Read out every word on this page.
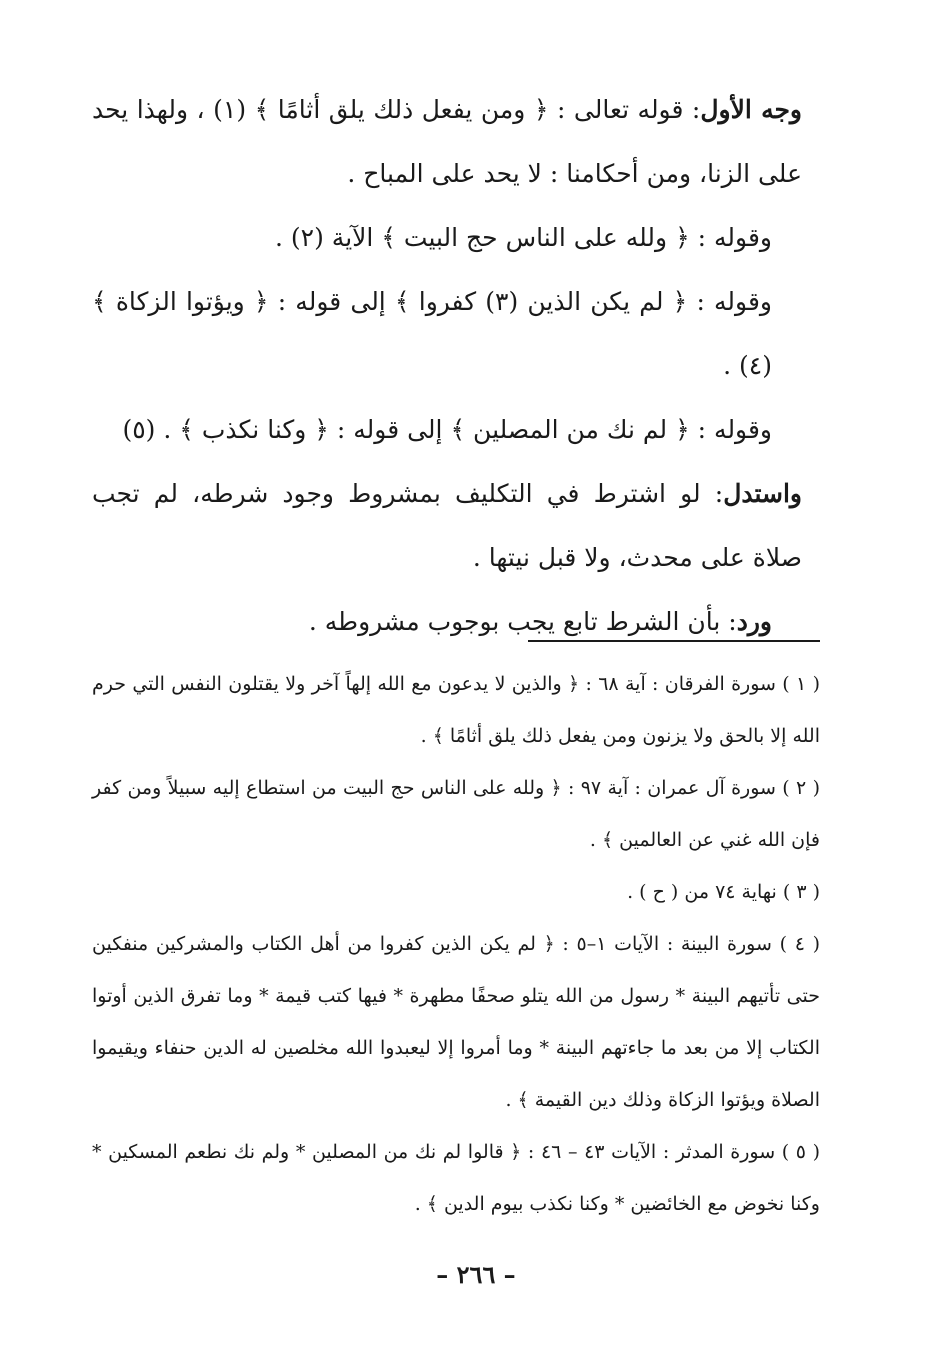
وجه الأول: قوله تعالى : ﴿ ومن يفعل ذلك يلق أثامًا ﴾ (١) ، ولهذا يحد على الزنا، ومن أحكامنا : لا يحد على المباح .

وقوله : ﴿ ولله على الناس حج البيت ﴾ الآية (٢) .

وقوله : ﴿ لم يكن الذين (٣) كفروا ﴾ إلى قوله : ﴿ ويؤتوا الزكاة ﴾ (٤) .

وقوله : ﴿ لم نك من المصلين ﴾ إلى قوله : ﴿ وكنا نكذب ﴾ . (٥)

واستدل: لو اشترط في التكليف بمشروط وجود شرطه، لم تجب صلاة على محدث، ولا قبل نيتها .

ورد: بأن الشرط تابع يجب بوجوب مشروطه .

( ١ ) سورة الفرقان : آية ٦٨ : ﴿ والذين لا يدعون مع الله إلهاً آخر ولا يقتلون النفس التي حرم الله إلا بالحق ولا يزنون ومن يفعل ذلك يلق أثامًا ﴾ .

( ٢ ) سورة آل عمران : آية ٩٧ : ﴿ ولله على الناس حج البيت من استطاع إليه سبيلاً ومن كفر فإن الله غني عن العالمين ﴾ .

( ٣ ) نهاية ٧٤ من ( ح ) .

( ٤ ) سورة البينة : الآيات ١–٥ : ﴿ لم يكن الذين كفروا من أهل الكتاب والمشركين منفكين حتى تأتيهم البينة * رسول من الله يتلو صحفًا مطهرة * فيها كتب قيمة * وما تفرق الذين أوتوا الكتاب إلا من بعد ما جاءتهم البينة * وما أمروا إلا ليعبدوا الله مخلصين له الدين حنفاء ويقيموا الصلاة ويؤتوا الزكاة وذلك دين القيمة ﴾ .

( ٥ ) سورة المدثر : الآيات ٤٣ – ٤٦ : ﴿ قالوا لم نك من المصلين * ولم نك نطعم المسكين * وكنا نخوض مع الخائضين * وكنا نكذب بيوم الدين ﴾ .

– ٢٦٦ –
